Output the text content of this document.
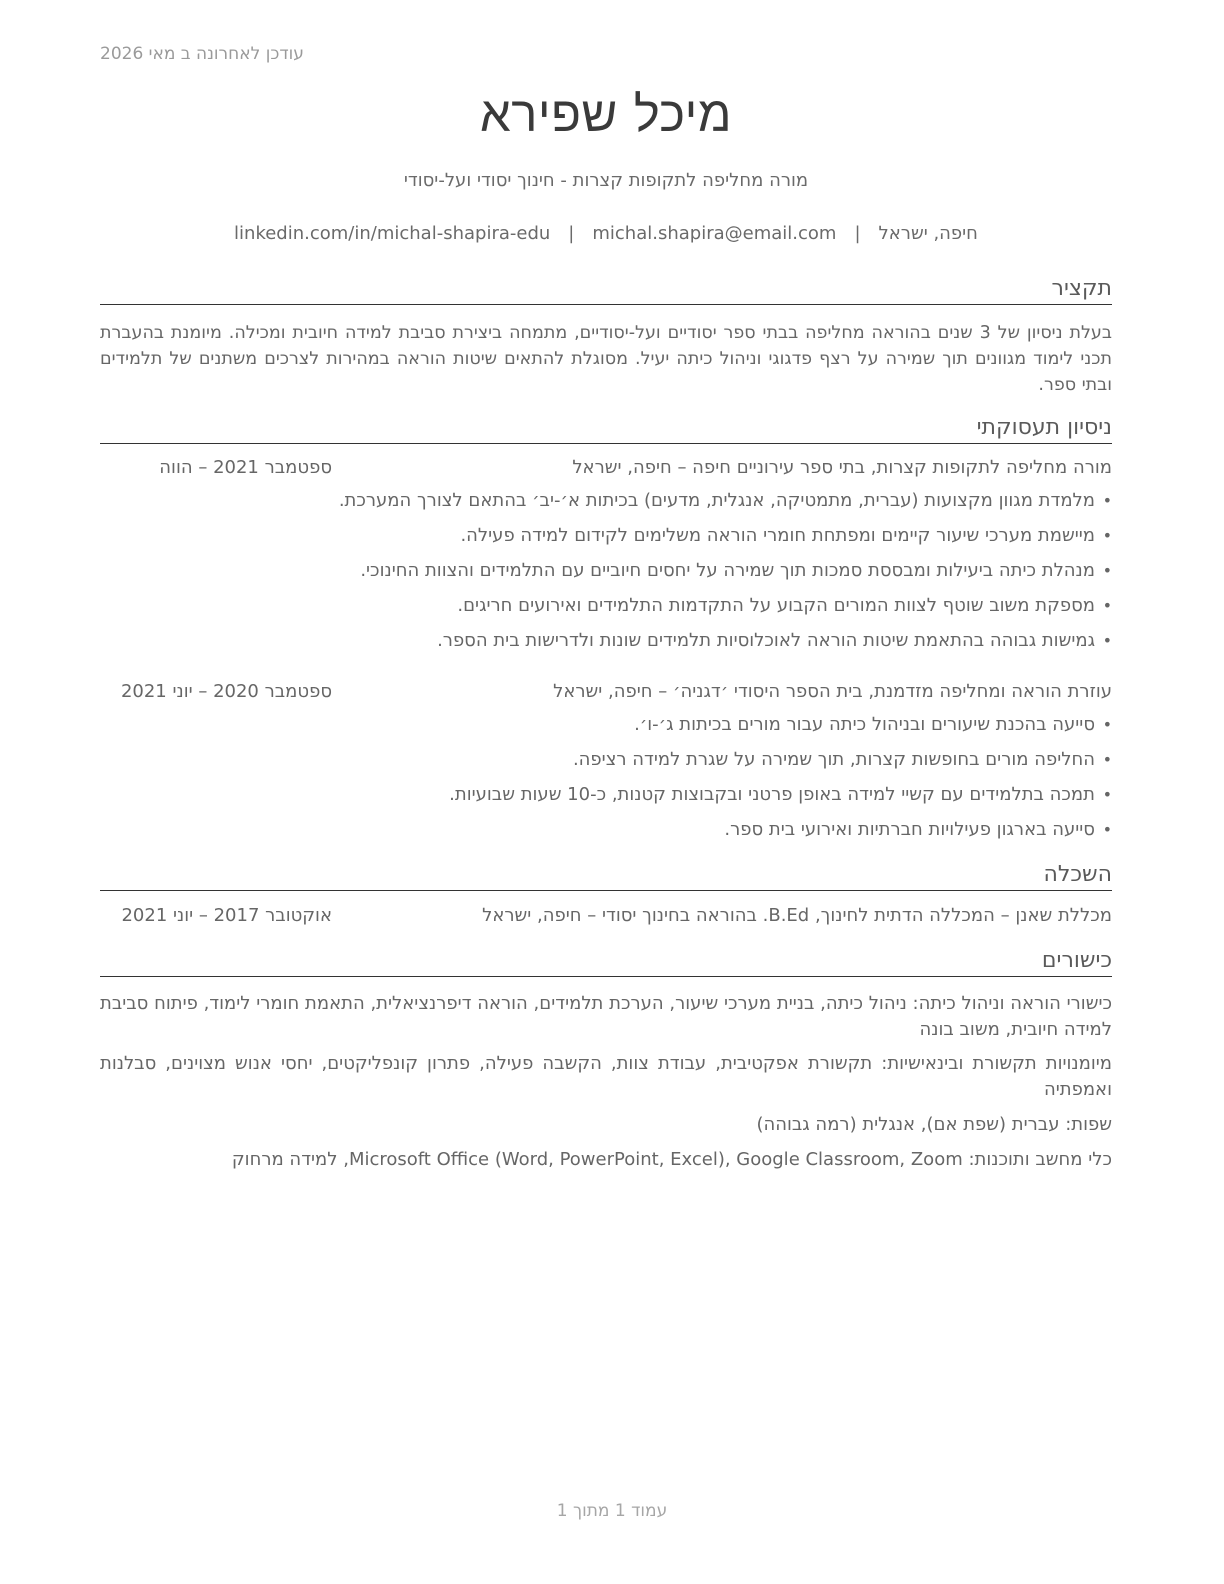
עודכן לאחרונה ב מאי 2026
מיכל שפירא
מורה מחליפה לתקופות קצרות - חינוך יסודי ועל-יסודי
חיפה, ישראל|michal.shapira@email.com|linkedin.com/in/michal-shapira-edu
תקציר
בעלת ניסיון של 3 שנים בהוראה מחליפה בבתי ספר יסודיים ועל-יסודיים, מתמחה ביצירת סביבת למידה חיובית ומכילה. מיומנת בהעברת תכני לימוד מגוונים תוך שמירה על רצף פדגוגי וניהול כיתה יעיל. מסוגלת להתאים שיטות הוראה במהירות לצרכים משתנים של תלמידים ובתי ספר.
ניסיון תעסוקתי
מורה מחליפה לתקופות קצרות, בתי ספר עירוניים חיפה – חיפה, ישראל
ספטמבר 2021 – הווה
•
מלמדת מגוון מקצועות (עברית, מתמטיקה, אנגלית, מדעים) בכיתות א׳-יב׳ בהתאם לצורך המערכת.
•
מיישמת מערכי שיעור קיימים ומפתחת חומרי הוראה משלימים לקידום למידה פעילה.
•
מנהלת כיתה ביעילות ומבססת סמכות תוך שמירה על יחסים חיוביים עם התלמידים והצוות החינוכי.
•
מספקת משוב שוטף לצוות המורים הקבוע על התקדמות התלמידים ואירועים חריגים.
•
גמישות גבוהה בהתאמת שיטות הוראה לאוכלוסיות תלמידים שונות ולדרישות בית הספר.
עוזרת הוראה ומחליפה מזדמנת, בית הספר היסודי ׳דגניה׳ – חיפה, ישראל
ספטמבר 2020 – יוני 2021
•
סייעה בהכנת שיעורים ובניהול כיתה עבור מורים בכיתות ג׳-ו׳.
•
החליפה מורים בחופשות קצרות, תוך שמירה על שגרת למידה רציפה.
•
תמכה בתלמידים עם קשיי למידה באופן פרטני ובקבוצות קטנות, כ-10 שעות שבועיות.
•
סייעה בארגון פעילויות חברתיות ואירועי בית ספר.
השכלה
מכללת שאנן – המכללה הדתית לחינוך, B.Ed. בהוראה בחינוך יסודי – חיפה, ישראל
אוקטובר 2017 – יוני 2021
כישורים
כישורי הוראה וניהול כיתה: ניהול כיתה, בניית מערכי שיעור, הערכת תלמידים, הוראה דיפרנציאלית, התאמת חומרי לימוד, פיתוח סביבת למידה חיובית, משוב בונה
מיומנויות תקשורת ובינאישיות: תקשורת אפקטיבית, עבודת צוות, הקשבה פעילה, פתרון קונפליקטים, יחסי אנוש מצוינים, סבלנות ואמפתיה
שפות: עברית (שפת אם), אנגלית (רמה גבוהה)
כלי מחשב ותוכנות: Microsoft Office (Word, PowerPoint, Excel), Google Classroom, Zoom, למידה מרחוק
עמוד 1 מתוך 1
